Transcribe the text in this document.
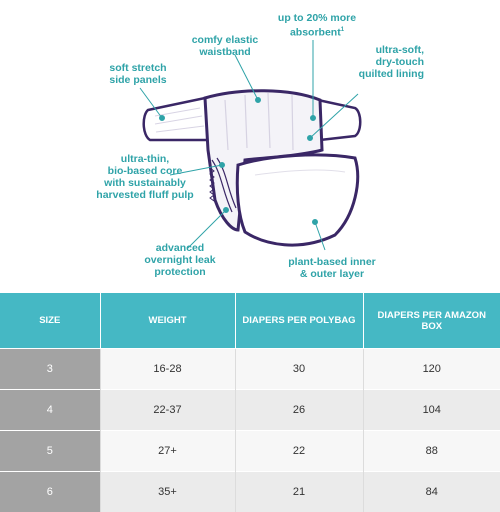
up to 20% more
absorbent$^1$
comfy elastic
waistband
soft stretch
side panels
ultra-soft,
dry-touch
quilted lining
ultra-thin,
bio-based core
with sustainably
harvested fluff pulp
advanced
overnight leak
protection
plant-based inner
& outer layer
SIZE	WEIGHT	DIAPERS PER POLYBAG	DIAPERS PER AMAZON BOX
3	16-28	30	120
4	22-37	26	104
5	27+	22	88
6	35+	21	84
